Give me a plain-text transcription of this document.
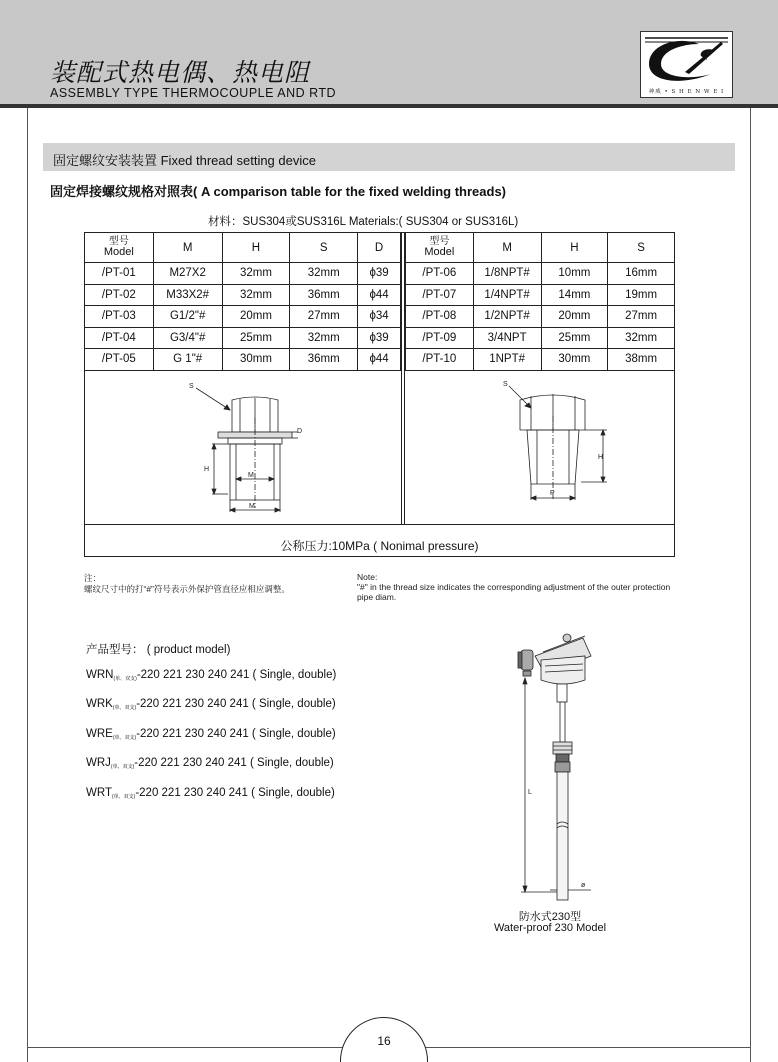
装配式热电偶、热电阻
ASSEMBLY TYPE THERMOCOUPLE AND RTD	神威 • S H E N W E I
固定螺纹安装装置 Fixed thread setting device
固定焊接螺纹规格对照表( A comparison table for the fixed welding threads)
材料：SUS304或SUS316L Materials:( SUS304 or SUS316L)
公称压力:10MPa ( Nonimal pressure)
型号
Model	M	H	S	D
/PT-01	M27X2	32mm	32mm	ϕ39
/PT-02	M33X2#	32mm	36mm	ϕ44
/PT-03	G1/2"#	20mm	27mm	ϕ34
/PT-04	G3/4"#	25mm	32mm	ϕ39
/PT-05	G 1"#	30mm	36mm	ϕ44
型号
Model	M	H	S
/PT-06	1/8NPT#	10mm	16mm
/PT-07	1/4NPT#	14mm	19mm
/PT-08	1/2NPT#	20mm	27mm
/PT-09	3/4NPT	25mm	32mm
/PT-10	1NPT#	30mm	38mm
S
D
H
M
M
S
H
P
注：
螺纹尺寸中的打“#”符号表示外保护管直径应相应调整。
Note:
"#" in the thread size indicates the corresponding adjustment of the outer protection pipe diam.
产品型号： ( product model)
$WRN_{(单、双支)}-220$ 221 230 240 241 ( Single, double)
$WRK_{(单、双支)}-220$ 221 230 240 241 ( Single, double)
$WRE_{(单、双支)}-220$ 221 230 240 241 ( Single, double)
$WRJ_{(单、双支)}-220$ 221 230 240 241 ( Single, double)
$WRT_{(单、双支)}-220$ 221 230 240 241 ( Single, double)	L
ø
防水式230型
Water-proof 230 Model
16
